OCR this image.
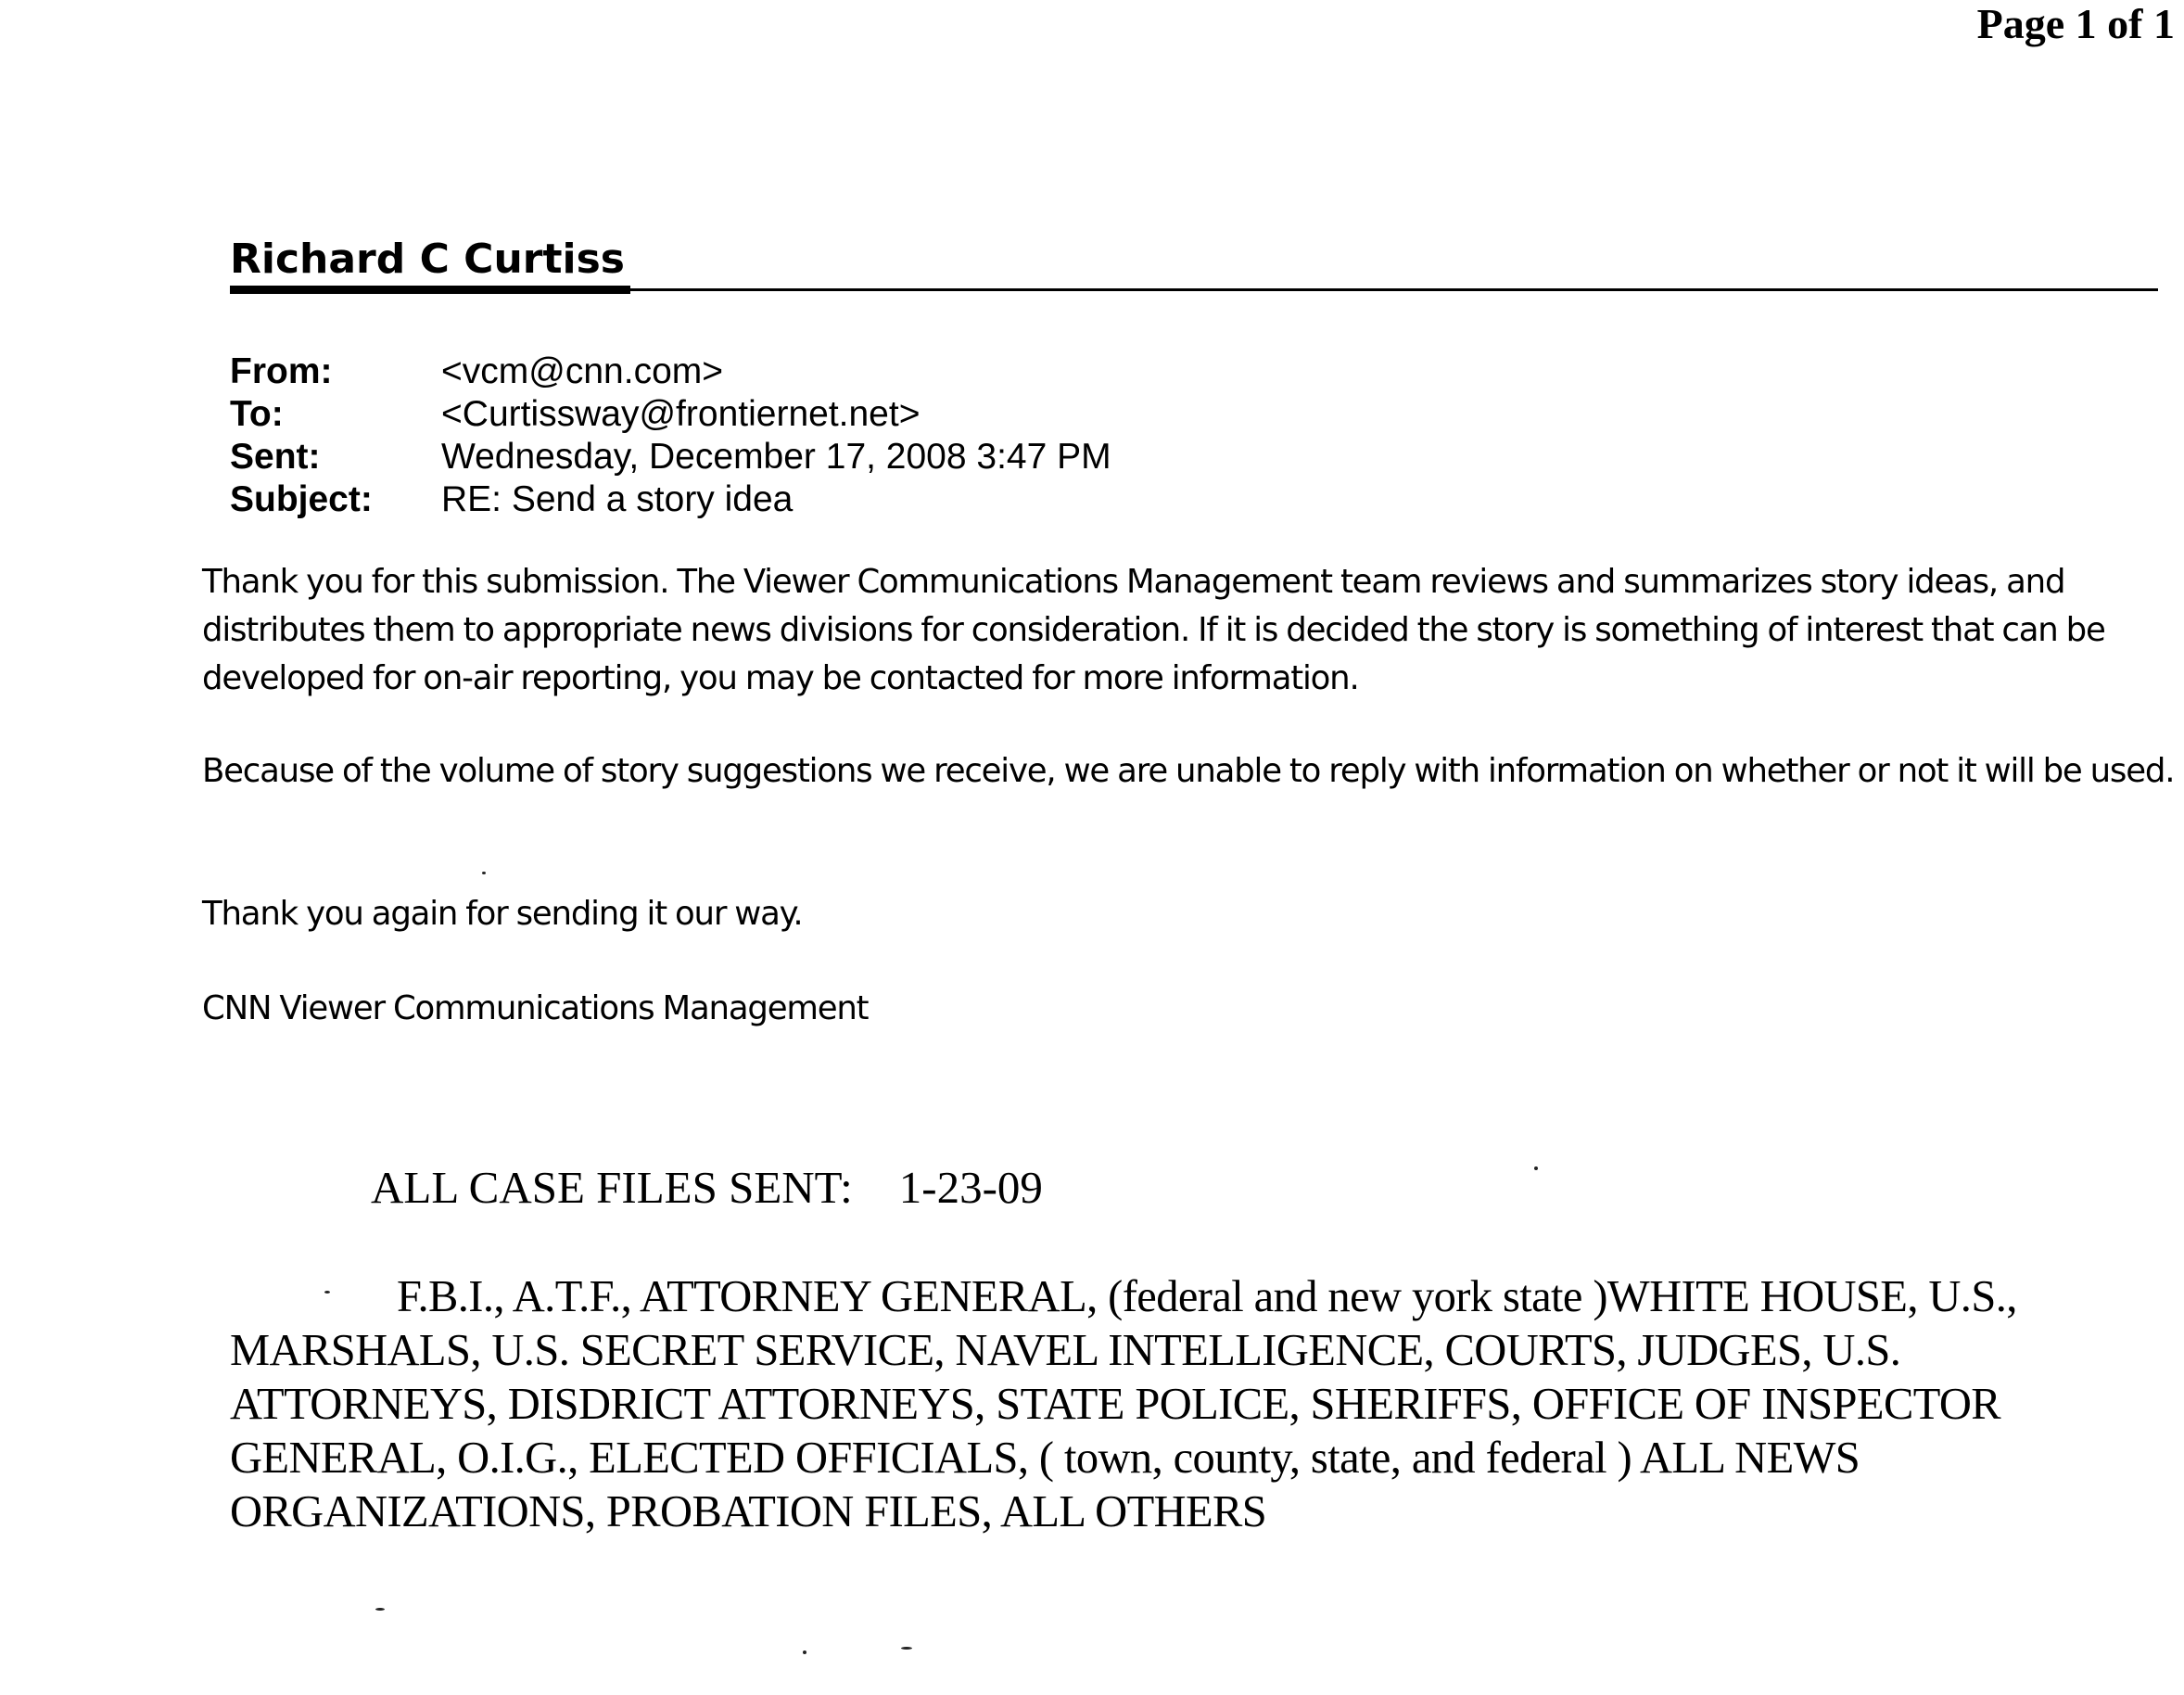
Page 1 of 1
Richard C Curtiss
From:	<vcm@cnn.com>
To:	<Curtissway@frontiernet.net>
Sent:	Wednesday, December 17, 2008 3:47 PM
Subject:	RE: Send a story idea

Thank you for this submission. The Viewer Communications Management team reviews and summarizes story ideas, and distributes them to appropriate news divisions for consideration. If it is decided the story is something of interest that can be developed for on-air reporting, you may be contacted for more information.

Because of the volume of story suggestions we receive, we are unable to reply with information on whether or not it will be used.

Thank you again for sending it our way.

CNN Viewer Communications Management

ALL CASE FILES SENT: 1-23-09
F.B.I., A.T.F., ATTORNEY GENERAL, (federal and new york state )WHITE HOUSE, U.S., MARSHALS, U.S. SECRET SERVICE, NAVEL INTELLIGENCE, COURTS, JUDGES, U.S. ATTORNEYS, DISDRICT ATTORNEYS, STATE POLICE, SHERIFFS, OFFICE OF INSPECTOR GENERAL, O.I.G., ELECTED OFFICIALS, ( town, county, state, and federal ) ALL NEWS ORGANIZATIONS, PROBATION FILES, ALL OTHERS
